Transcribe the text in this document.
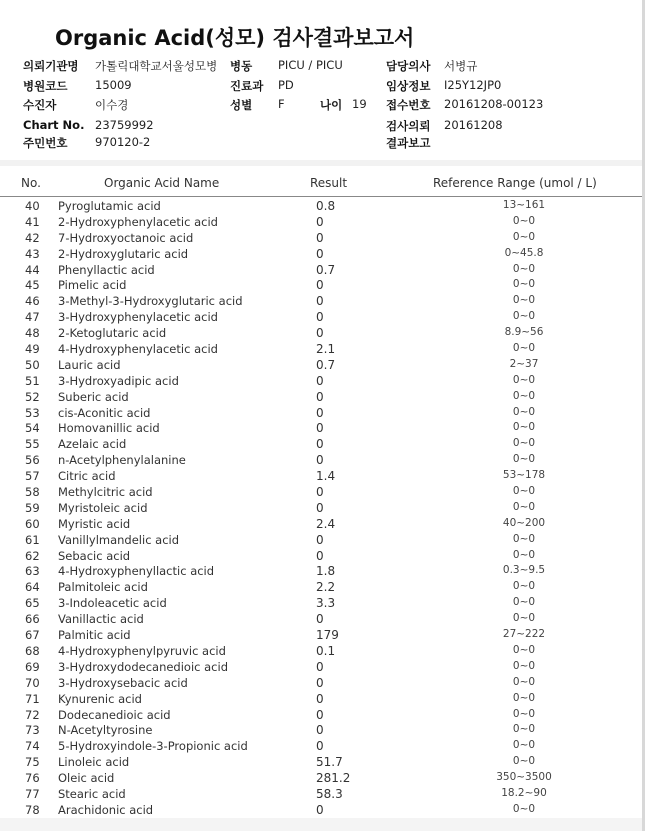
Organic Acid(성모) 검사결과보고서
의뢰기관명 가톨릭대학교서울성모병 병동 PICU / PICU	담당의사 서병규
병원코드 15009	진료과 PD	임상정보 I25Y12JP0
수진자	이수경	성별 F	나이 19 접수번호 20161208-00123
Chart No. 23759992	검사의뢰 20161208
주민번호 970120-2	결과보고
No.	Organic Acid Name	Result	Reference Range (umol / L)
40	Pyroglutamic acid	0.8	13~161
41	2-Hydroxyphenylacetic acid	0	0~0
42	7-Hydroxyoctanoic acid	0	0~0
43	2-Hydroxyglutaric acid	0	0~45.8
44	Phenyllactic acid	0.7	0~0
45	Pimelic acid	0	0~0
46	3-Methyl-3-Hydroxyglutaric acid	0	0~0
47	3-Hydroxyphenylacetic acid	0	0~0
48	2-Ketoglutaric acid	0	8.9~56
49	4-Hydroxyphenylacetic acid	2.1	0~0
50	Lauric acid	0.7	2~37
51	3-Hydroxyadipic acid	0	0~0
52	Suberic acid	0	0~0
53	cis-Aconitic acid	0	0~0
54	Homovanillic acid	0	0~0
55	Azelaic acid	0	0~0
56	n-Acetylphenylalanine	0	0~0
57	Citric acid	1.4	53~178
58	Methylcitric acid	0	0~0
59	Myristoleic acid	0	0~0
60	Myristic acid	2.4	40~200
61	Vanillylmandelic acid	0	0~0
62	Sebacic acid	0	0~0
63	4-Hydroxyphenyllactic acid	1.8	0.3~9.5
64	Palmitoleic acid	2.2	0~0
65	3-Indoleacetic acid	3.3	0~0
66	Vanillactic acid	0	0~0
67	Palmitic acid	179	27~222
68	4-Hydroxyphenylpyruvic acid	0.1	0~0
69	3-Hydroxydodecanedioic acid	0	0~0
70	3-Hydroxysebacic acid	0	0~0
71	Kynurenic acid	0	0~0
72	Dodecanedioic acid	0	0~0
73	N-Acetyltyrosine	0	0~0
74	5-Hydroxyindole-3-Propionic acid	0	0~0
75	Linoleic acid	51.7	0~0
76	Oleic acid	281.2	350~3500
77	Stearic acid	58.3	18.2~90
78	Arachidonic acid	0	0~0
